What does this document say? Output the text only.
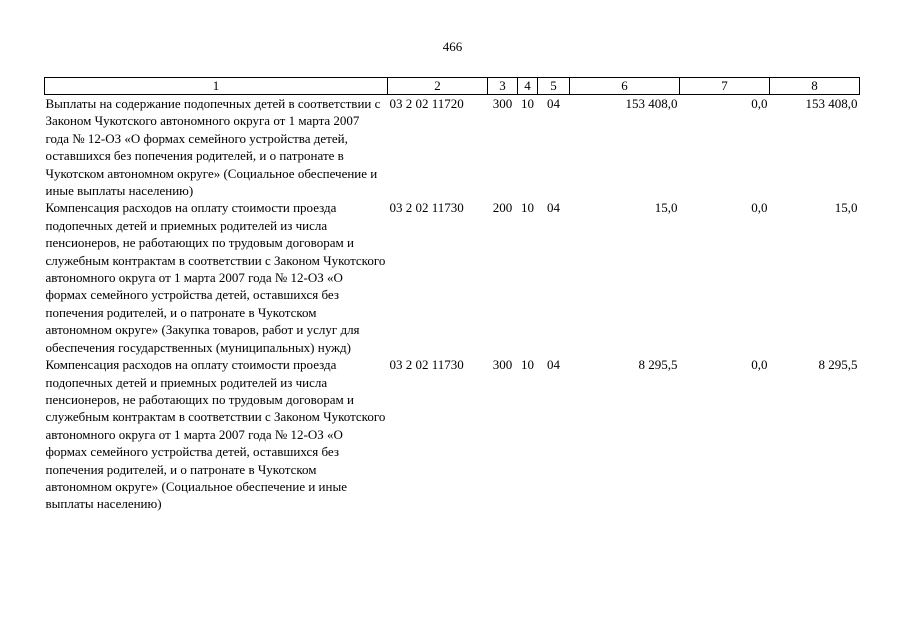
466
1	2	3	4	5	6	7	8
Выплаты на содержание подопечных детей в соответствии с Законом Чукотского автономного округа от 1 марта 2007 года № 12-ОЗ «О формах семейного устройства детей, оставшихся без попечения родителей, и о патронате в Чукотском автономном округе» (Социальное обеспечение и иные выплаты населению)	03 2 02 11720	300	10	04	153 408,0	0,0	153 408,0
Компенсация расходов на оплату стоимости проезда подопечных детей и приемных родителей из числа пенсионеров, не работающих по трудовым договорам и служебным контрактам в соответствии с Законом Чукотского автономного округа от 1 марта 2007 года № 12-ОЗ «О формах семейного устройства детей, оставшихся без попечения родителей, и о патронате в Чукотском автономном округе» (Закупка товаров, работ и услуг для обеспечения государственных (муниципальных) нужд)	03 2 02 11730	200	10	04	15,0	0,0	15,0
Компенсация расходов на оплату стоимости проезда подопечных детей и приемных родителей из числа пенсионеров, не работающих по трудовым договорам и служебным контрактам в соответствии с Законом Чукотского автономного округа от 1 марта 2007 года № 12-ОЗ «О формах семейного устройства детей, оставшихся без попечения родителей, и о патронате в Чукотском автономном округе» (Социальное обеспечение и иные выплаты населению)	03 2 02 11730	300	10	04	8 295,5	0,0	8 295,5
